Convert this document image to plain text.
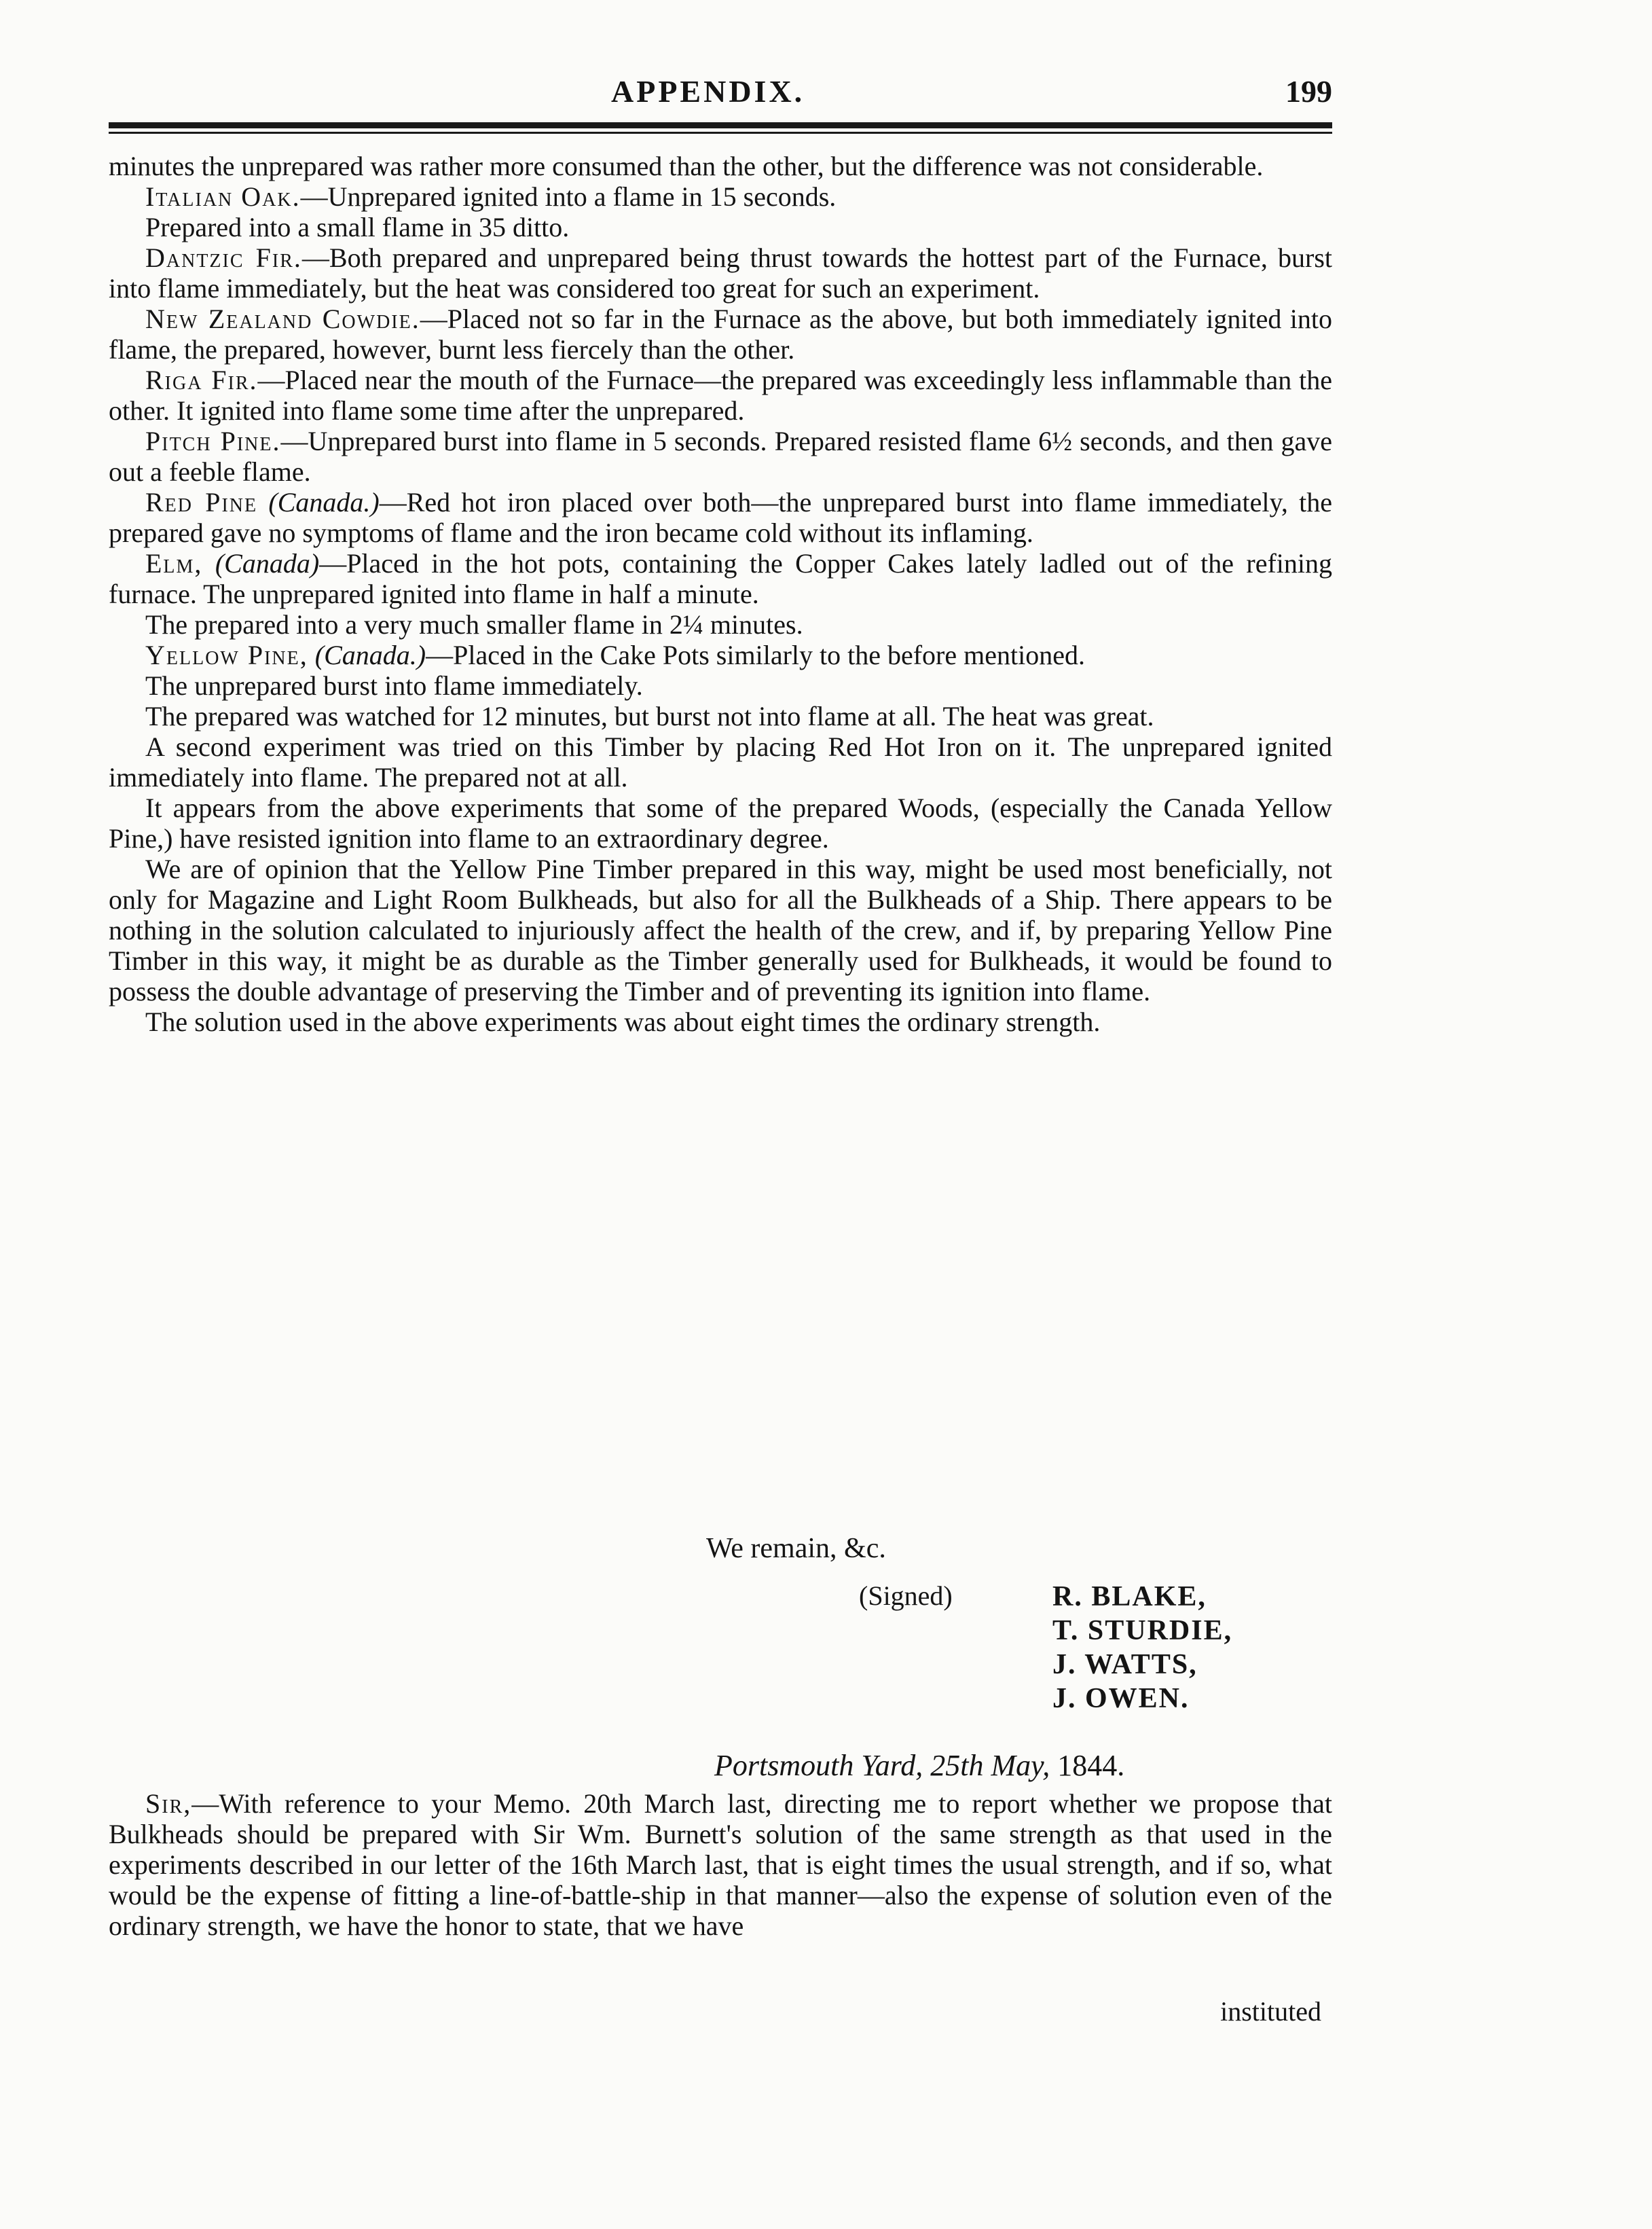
APPENDIX.	199

minutes the unprepared was rather more consumed than the other, but the difference was not considerable.

Italian Oak.—Unprepared ignited into a flame in 15 seconds.

Prepared into a small flame in 35 ditto.

Dantzic Fir.—Both prepared and unprepared being thrust towards the hottest part of the Furnace, burst into flame immediately, but the heat was considered too great for such an experiment.

New Zealand Cowdie.—Placed not so far in the Furnace as the above, but both immediately ignited into flame, the prepared, however, burnt less fiercely than the other.

Riga Fir.—Placed near the mouth of the Furnace—the prepared was exceedingly less inflammable than the other. It ignited into flame some time after the unprepared.

Pitch Pine.—Unprepared burst into flame in 5 seconds. Prepared resisted flame 6½ seconds, and then gave out a feeble flame.

Red Pine (Canada.)—Red hot iron placed over both—the unprepared burst into flame immediately, the prepared gave no symptoms of flame and the iron became cold without its inflaming.

Elm, (Canada)—Placed in the hot pots, containing the Copper Cakes lately ladled out of the refining furnace. The unprepared ignited into flame in half a minute.

The prepared into a very much smaller flame in 2¼ minutes.

Yellow Pine, (Canada.)—Placed in the Cake Pots similarly to the before mentioned.

The unprepared burst into flame immediately.

The prepared was watched for 12 minutes, but burst not into flame at all. The heat was great.

A second experiment was tried on this Timber by placing Red Hot Iron on it. The unprepared ignited immediately into flame. The prepared not at all.

It appears from the above experiments that some of the prepared Woods, (especially the Canada Yellow Pine,) have resisted ignition into flame to an extraordinary degree.

We are of opinion that the Yellow Pine Timber prepared in this way, might be used most beneficially, not only for Magazine and Light Room Bulkheads, but also for all the Bulkheads of a Ship. There appears to be nothing in the solution calculated to injuriously affect the health of the crew, and if, by preparing Yellow Pine Timber in this way, it might be as durable as the Timber generally used for Bulkheads, it would be found to possess the double advantage of preserving the Timber and of preventing its ignition into flame.

The solution used in the above experiments was about eight times the ordinary strength.

We remain, &c.
(Signed)	R. BLAKE,
T. STURDIE,
J. WATTS,
J. OWEN.
Portsmouth Yard, 25th May, 1844.

Sir,—With reference to your Memo. 20th March last, directing me to report whether we propose that Bulkheads should be prepared with Sir Wm. Burnett's solution of the same strength as that used in the experiments described in our letter of the 16th March last, that is eight times the usual strength, and if so, what would be the expense of fitting a line-of-battle-ship in that manner—also the expense of solution even of the ordinary strength, we have the honor to state, that we have

instituted
